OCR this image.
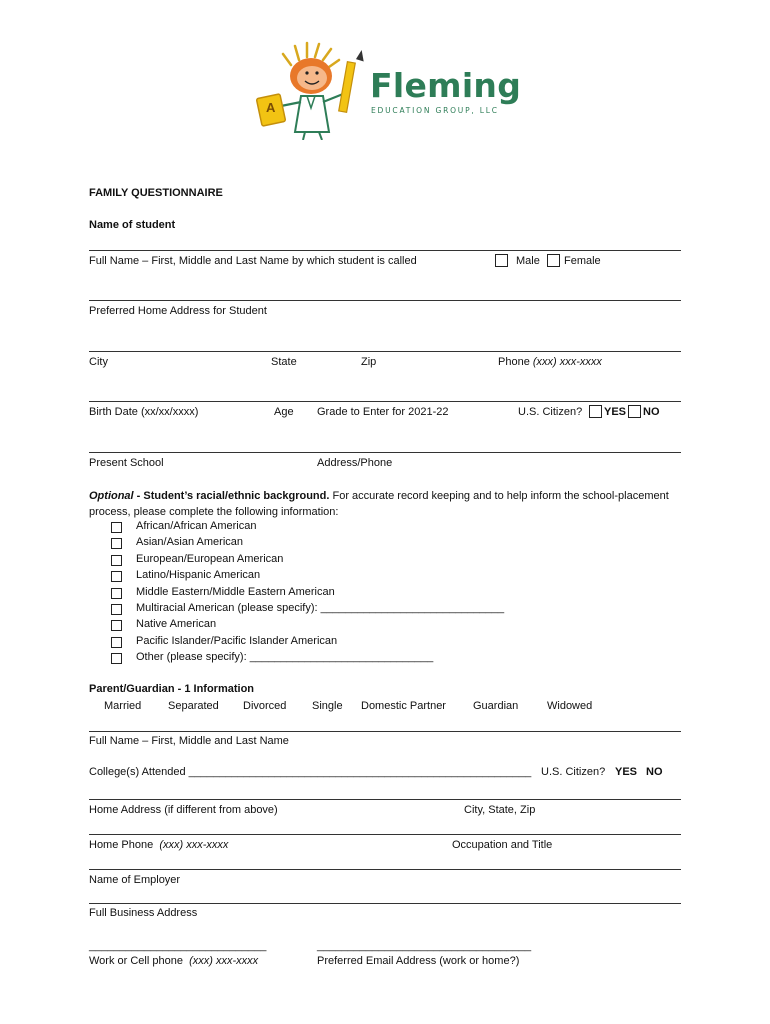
A
Fleming
EDUCATION GROUP, LLC
FAMILY QUESTIONNAIRE
Name of student
Full Name – First, Middle and Last Name by which student is called	Male Female
Preferred Home Address for Student
City	State	Zip	Phone (xxx) xxx-xxxx
Birth Date (xx/xx/xxxx)	Age Grade to Enter for 2021-22	U.S. Citizen? YES NO
Present School	Address/Phone
Optional - Student’s racial/ethnic background. For accurate record keeping and to help inform the school-placement process, please complete the following information:
African/African American
Asian/Asian American
European/European American
Latino/Hispanic American
Middle Eastern/Middle Eastern American
Multiracial American (please specify): ______________________________
Native American
Pacific Islander/Pacific Islander American
Other (please specify): ______________________________
Parent/Guardian - 1 Information
Married Separated Divorced Single Domestic Partner Guardian	Widowed
Full Name – First, Middle and Last Name
College(s) Attended ________________________________________________________ U.S. Citizen? YES NO
Home Address (if different from above)	City, State, Zip
Home Phone (xxx) xxx-xxxx	Occupation and Title
Name of Employer
Full Business Address
_____________________________	___________________________________
Work or Cell phone (xxx) xxx-xxxx	Preferred Email Address (work or home?)
